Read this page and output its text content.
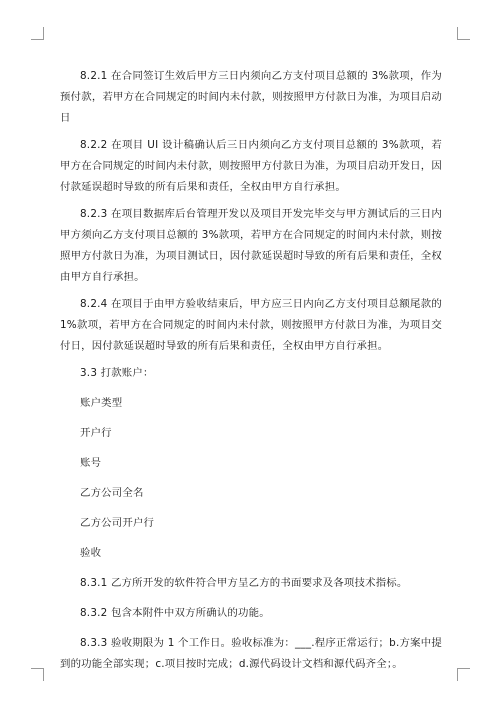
8.2.1 在合同签订生效后甲方三日内须向乙方支付项目总额的 3%款项，作为预付款，若甲方在合同规定的时间内未付款，则按照甲方付款日为准，为项目启动日

8.2.2 在项目 UI 设计稿确认后三日内须向乙方支付项目总额的 3%款项，若甲方在合同规定的时间内未付款，则按照甲方付款日为准，为项目启动开发日，因付款延误超时导致的所有后果和责任，全权由甲方自行承担。

8.2.3 在项目数据库后台管理开发以及项目开发完毕交与甲方测试后的三日内甲方须向乙方支付项目总额的 3%款项，若甲方在合同规定的时间内未付款，则按照甲方付款日为准，为项目测试日，因付款延误超时导致的所有后果和责任，全权由甲方自行承担。

8.2.4 在项目于由甲方验收结束后，甲方应三日内向乙方支付项目总额尾款的 1%款项，若甲方在合同规定的时间内未付款，则按照甲方付款日为准，为项目交付日，因付款延误超时导致的所有后果和责任，全权由甲方自行承担。

3.3 打款账户：

账户类型

开户行

账号

乙方公司全名

乙方公司开户行

验收

8.3.1 乙方所开发的软件符合甲方呈乙方的书面要求及各项技术指标。

8.3.2 包含本附件中双方所确认的功能。

8.3.3 验收期限为 1 个工作日。验收标准为：___.程序正常运行；b.方案中提到的功能全部实现；c.项目按时完成；d.源代码设计文档和源代码齐全；。
